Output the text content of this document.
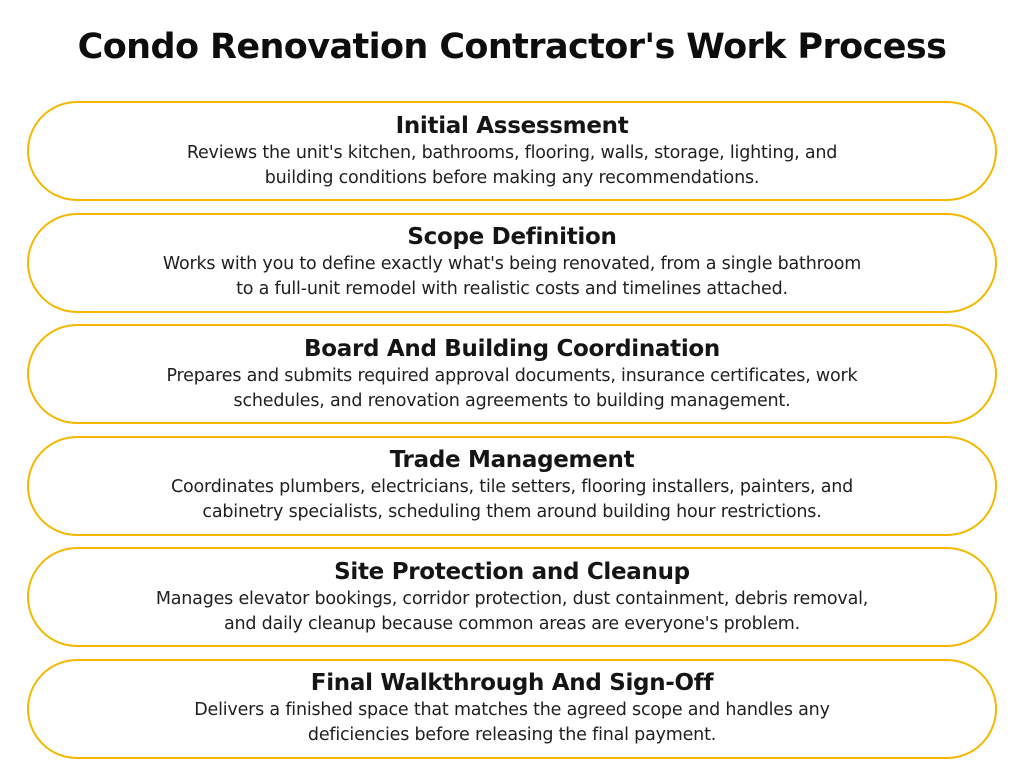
Condo Renovation Contractor's Work Process
Initial Assessment

Reviews the unit's kitchen, bathrooms, flooring, walls, storage, lighting, and building conditions before making any recommendations.

Scope Definition

Works with you to define exactly what's being renovated, from a single bathroom to a full-unit remodel with realistic costs and timelines attached.

Board And Building Coordination

Prepares and submits required approval documents, insurance certificates, work schedules, and renovation agreements to building management.

Trade Management

Coordinates plumbers, electricians, tile setters, flooring installers, painters, and cabinetry specialists, scheduling them around building hour restrictions.

Site Protection and Cleanup

Manages elevator bookings, corridor protection, dust containment, debris removal, and daily cleanup because common areas are everyone's problem.

Final Walkthrough And Sign-Off

Delivers a finished space that matches the agreed scope and handles any deficiencies before releasing the final payment.
